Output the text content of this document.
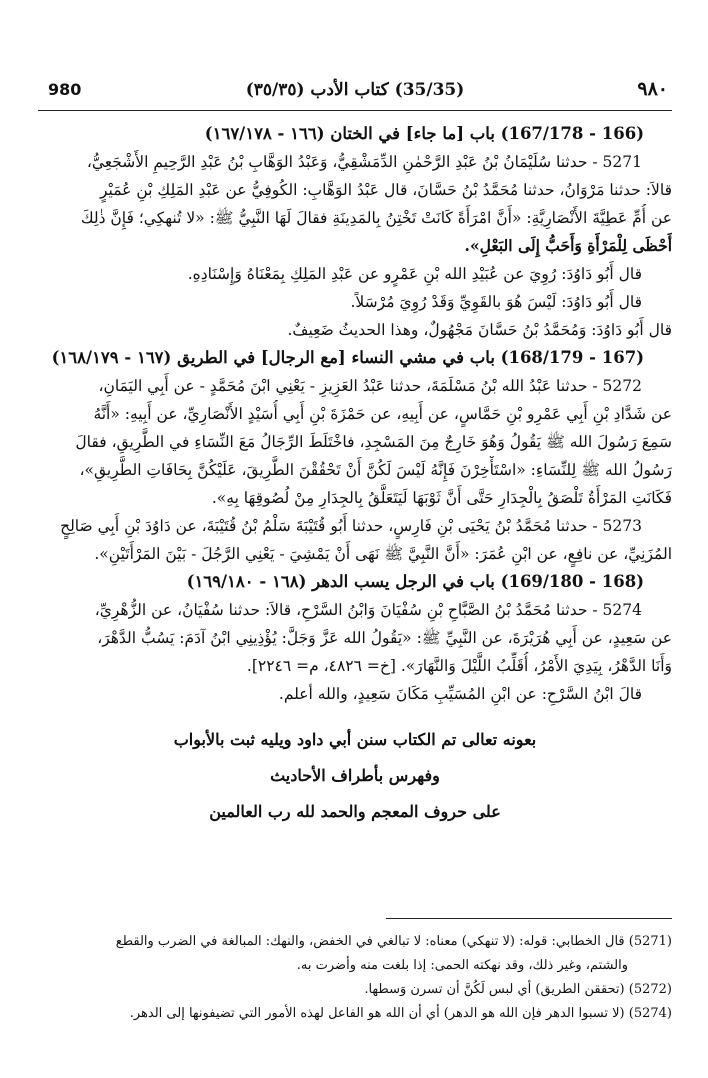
980	(35/35) كتاب الأدب (٣٥/٣٥)	٩٨٠
(166 - 167/178) باب [ما جاء] في الختان (١٦٦ - ١٦٧/١٧٨)
5271 - حدثنا سُلَيْمَانُ بْنُ عَبْدِ الرَّحْمٰنِ الدِّمَشْقِيُّ، وَعَبْدُ الوَهَّابِ بْنُ عَبْدِ الرَّحِيمِ الأَشْجَعِيُّ،
قالاَ: حدثنا مَرْوَانُ، حدثنا مُحَمَّدُ بْنُ حَسَّانَ، قال عَبْدُ الوَهَّابِ: الكُوفِيُّ عن عَبْدِ المَلِكِ بْنِ عُمَيْرٍ
عن أُمِّ عَطِيَّةَ الأَنْصَارِيَّةِ: «أَنَّ امْرَأَةً كَانَتْ تَخْتِنُ بِالمَدِينَةِ فقالَ لَهَا النَّبِيُّ ﷺ: «لا تُنهكِي؛ فَإِنَّ ذٰلِكَ
أَحْظَى لِلْمَرْأَةِ وَأَحَبُّ إِلَى البَعْلِ».
قال أَبُو دَاوُدَ: رُوِيَ عن عُبَيْدِ الله بْنِ عَمْرٍو عن عَبْدِ المَلِكِ بِمَعْنَاهُ وَإِسْنَادِهِ.
قال أَبُو دَاوُدَ: لَيْسَ هُوَ بالقَوِيِّ وَقَدْ رُوِيَ مُرْسَلاً.
قال أَبُو دَاوُدَ: وَمُحَمَّدُ بْنُ حَسَّانَ مَجْهُولٌ، وهذا الحديثُ ضَعِيفٌ.
(167 - 168/179) باب في مشي النساء [مع الرجال] في الطريق (١٦٧ - ١٦٨/١٧٩)
5272 - حدثنا عَبْدُ الله بْنُ مَسْلَمَةَ، حدثنا عَبْدُ العَزِيزِ - يَعْنِي ابْنَ مُحَمَّدٍ - عن أَبِي اليَمَانِ،
عن شَدَّادِ بْنِ أَبِي عَمْرِو بْنِ حَمَّاسٍ، عن أَبِيهِ، عن حَمْزَةَ بْنِ أَبِي أُسَيْدٍ الأَنْصَارِيِّ، عن أَبِيهِ: «أَنَّهُ
سَمِعَ رَسُولَ الله ﷺ يَقُولُ وَهُوَ خَارِجٌ مِنَ المَسْجِدِ، فاخْتَلَطَ الرِّجَالُ مَعَ النِّسَاءِ في الطَّرِيقِ، فقالَ
رَسُولُ الله ﷺ لِلنِّسَاءِ: «اسْتَأْخِرْنَ فَإِنَّهُ لَيْسَ لَكُنَّ أَنْ تَحْقُقْنَ الطَّرِيقَ، عَلَيْكُنَّ بِحَافَاتِ الطَّرِيقِ»،
فَكَانَتِ المَرْأَةُ تَلْصَقُ بِالْجِدَارِ حَتَّى أَنَّ ثَوْبَهَا لَيَتَعَلَّقُ بِالجِدَارِ مِنْ لُصُوقِهَا بِهِ».
5273 - حدثنا مُحَمَّدُ بْنُ يَحْيَى بْنِ فَارِسٍ، حدثنا أَبُو قُتَيْبَةَ سَلْمُ بْنُ قُتَيْبَةَ، عن دَاوُدَ بْنِ أَبِي صَالِحٍ
المُزَنِيِّ، عن نافِعٍ، عن ابْنِ عُمَرَ: «أَنَّ النَّبِيَّ ﷺ نَهَى أَنْ يَمْشِيَ - يَعْنِي الرَّجُلَ - بَيْنَ المَرْأَتَيْنِ».
(168 - 169/180) باب في الرجل يسب الدهر (١٦٨ - ١٦٩/١٨٠)
5274 - حدثنا مُحَمَّدُ بْنُ الصَّبَّاحِ بْنِ سُفْيَانَ وَابْنُ السَّرْحِ، قالاَ: حدثنا سُفْيَانُ، عن الزُّهْرِيِّ،
عن سَعِيدٍ، عن أَبِي هُرَيْرَةَ، عن النَّبِيِّ ﷺ: «يَقُولُ الله عَزَّ وَجَلَّ: يُؤْذِينِي ابْنُ آدَمَ: يَسُبُّ الدَّهْرَ،
وَأَنَا الدَّهْرُ، بِيَدِيَ الأَمْرُ، أُقَلِّبُ اللَّيْلَ وَالنَّهَارَ». [خ= ٤٨٢٦، م= ٢٢٤٦].
قالَ ابْنُ السَّرْحِ: عن ابْنِ المُسَيِّبِ مَكَانَ سَعِيدٍ، والله أعلم.
بعونه تعالى تم الكتاب سنن أبي داود ويليه ثبت بالأبواب
وفهرس بأطراف الأحاديث
على حروف المعجم والحمد لله رب العالمين
(5271) قال الخطابي: قوله: (لا تنهكي) معناه: لا تبالغي في الخفض، والنهك: المبالغة في الضرب والقطع
والشتم، وغير ذلك، وقد نهكته الحمى: إذا بلغت منه وأضرت به.
(5272) (تحققن الطريق) أي لبس لَكُنَّ أن تسرن وَسطها.
(5274) (لا تسبوا الدهر فإن الله هو الدهر) أي أن الله هو الفاعل لهذه الأمور التي تضيفونها إلى الدهر.
